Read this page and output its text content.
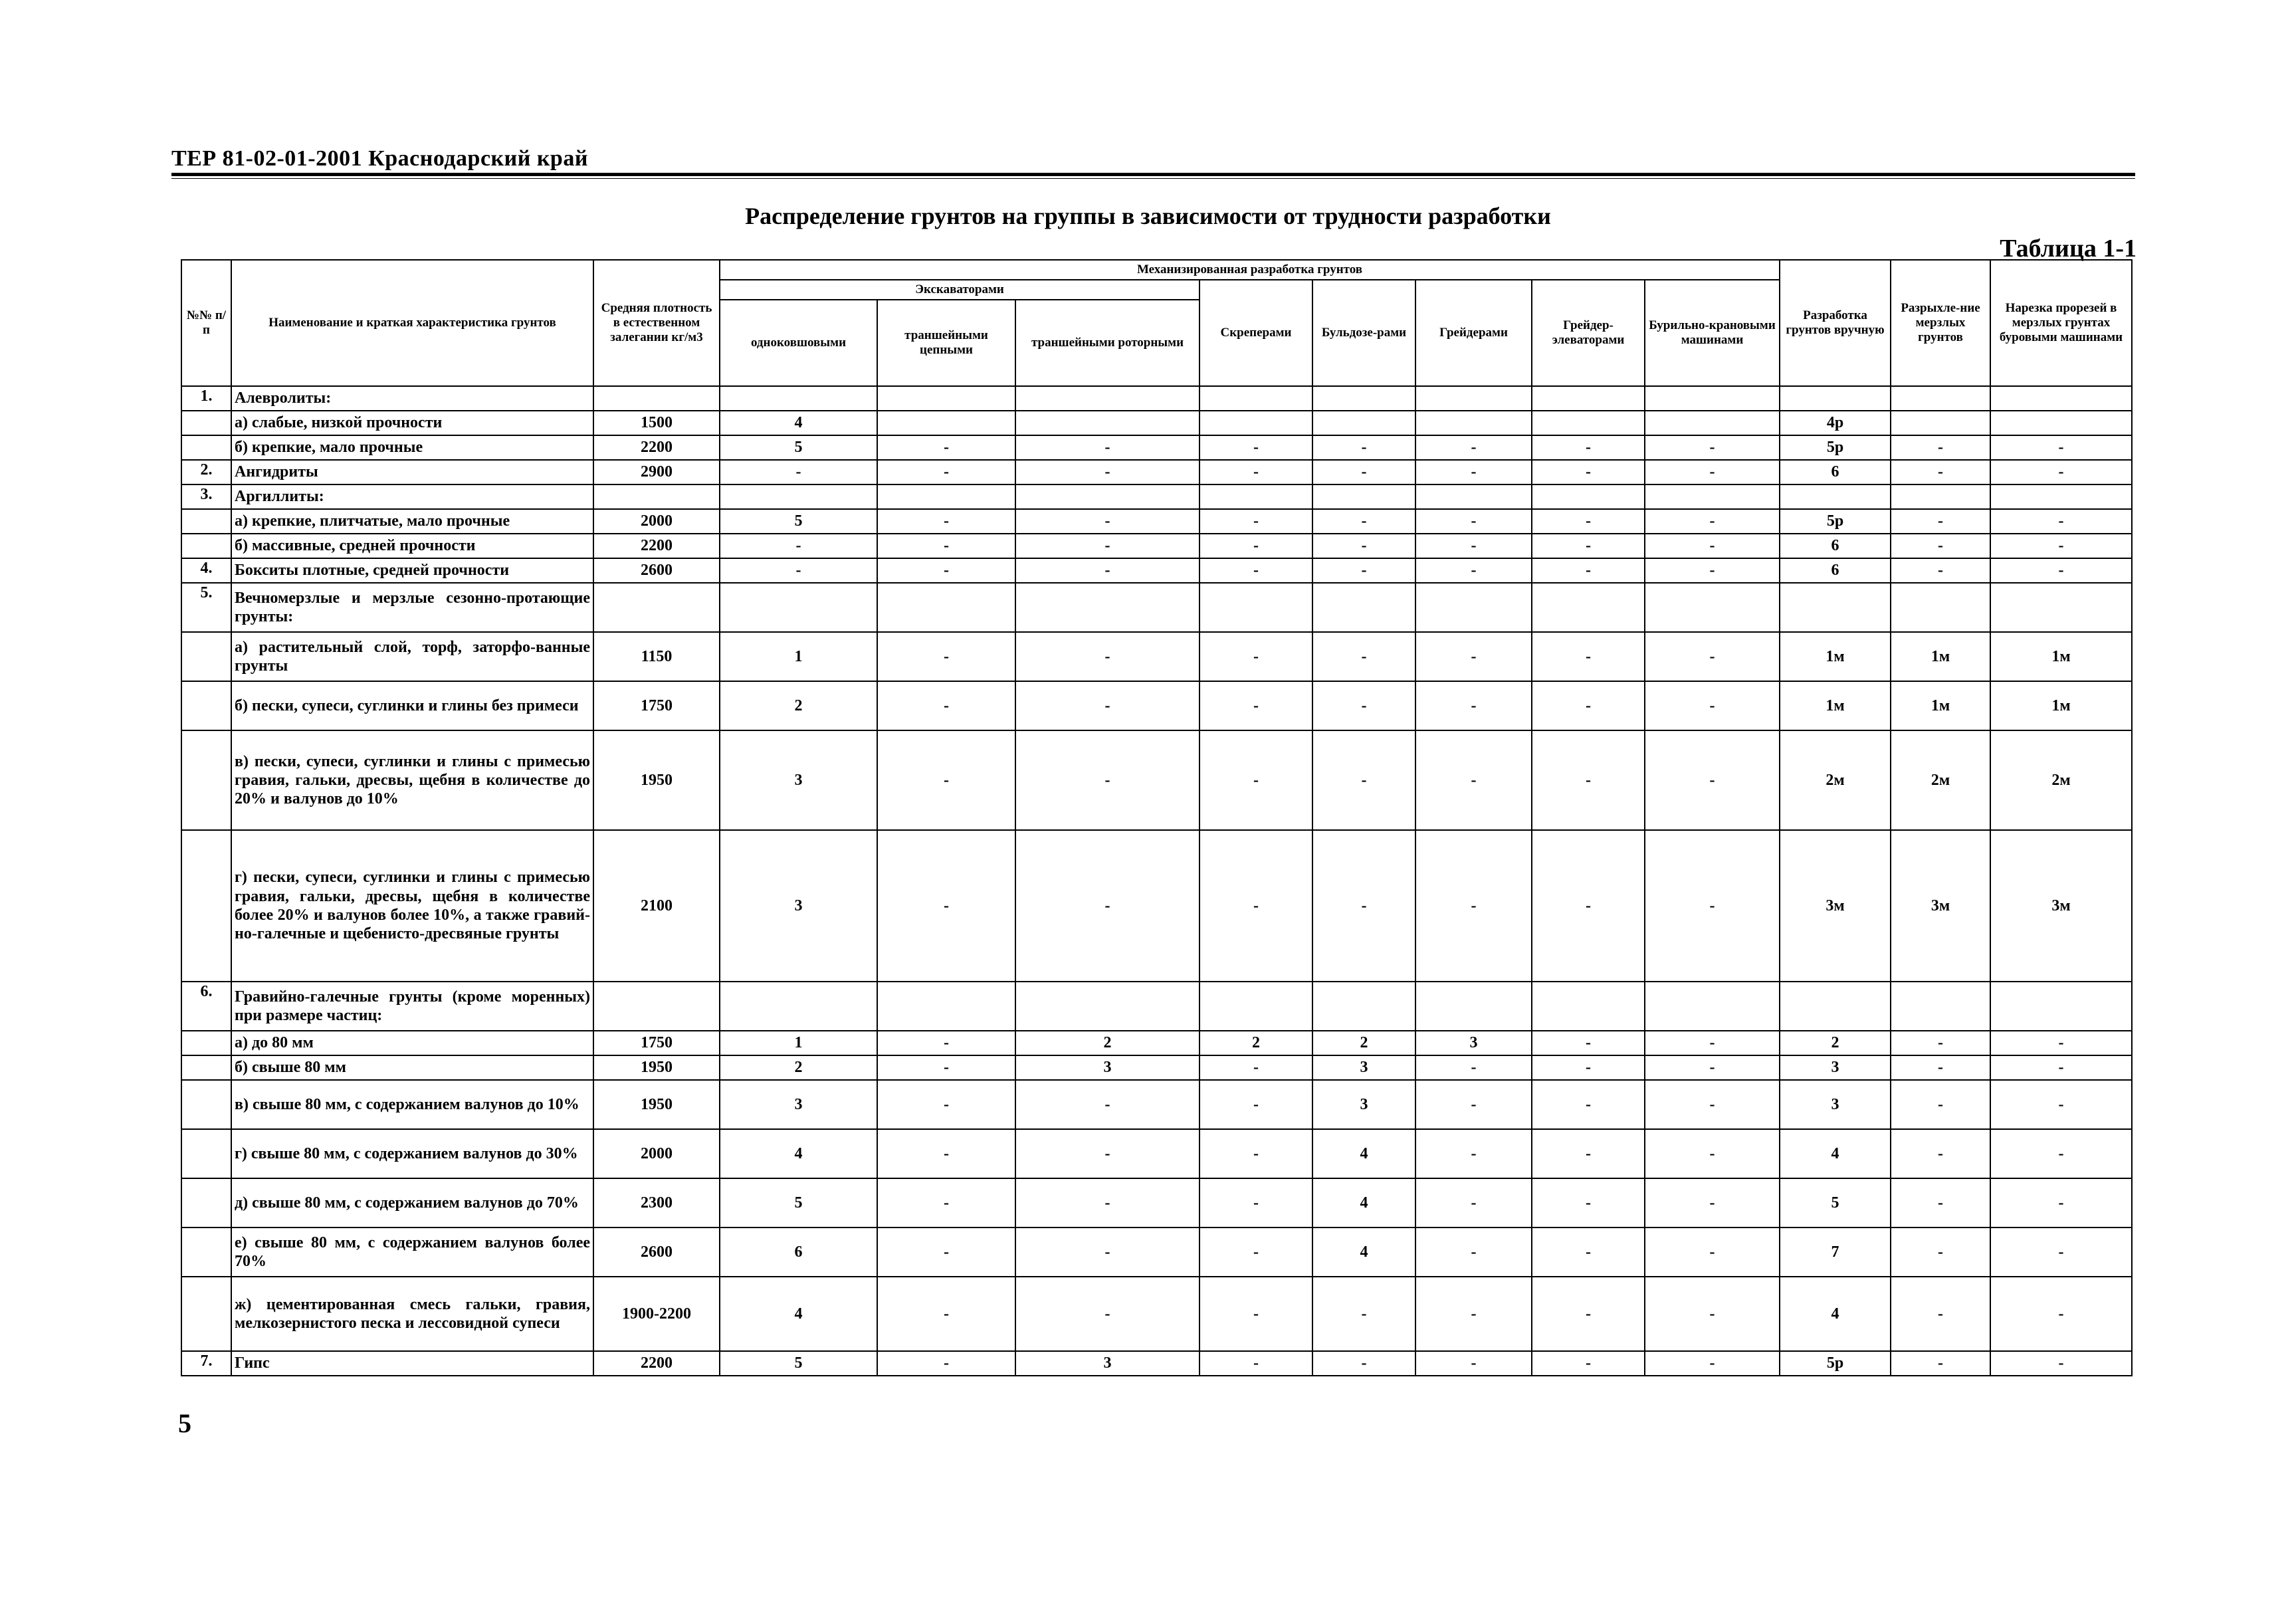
ТЕР 81-02-01-2001 Краснодарский край
Распределение грунтов на группы в зависимости от трудности разработки
Таблица 1-1
№№ п/п	Наименование и краткая характеристика грунтов	Средняя плотность в естественном залегании кг/м3	Механизированная разработка грунтов								Разработка грунтов вручную	Разрыхле-ние мерзлых грунтов	Нарезка прорезей в мерзлых грунтах буровыми машинами
			Экскаваторами			Скреперами	Бульдозе-рами	Грейдерами	Грейдер-элеваторами	Бурильно-крановыми машинами			
			одноковшовыми	траншейными цепными	траншейными роторными								
1.	Алевролиты:												
	а) слабые, низкой прочности	1500	4								4р		
	б) крепкие, мало прочные	2200	5	-	-	-	-	-	-	-	5р	-	-
2.	Ангидриты	2900	-	-	-	-	-	-	-	-	6	-	-
3.	Аргиллиты:												
	а) крепкие, плитчатые, мало прочные	2000	5	-	-	-	-	-	-	-	5р	-	-
	б) массивные, средней прочности	2200	-	-	-	-	-	-	-	-	6	-	-
4.	Бокситы плотные, средней прочности	2600	-	-	-	-	-	-	-	-	6	-	-
5.	Вечномерзлые и мерзлые сезонно-протающие грунты:												
	а) растительный слой, торф, заторфо-ванные грунты	1150	1	-	-	-	-	-	-	-	1м	1м	1м
	б) пески, супеси, суглинки и глины без примеси	1750	2	-	-	-	-	-	-	-	1м	1м	1м
	в) пески, супеси, суглинки и глины с примесью гравия, гальки, дресвы, щебня в количестве до 20% и валунов до 10%	1950	3	-	-	-	-	-	-	-	2м	2м	2м
	г) пески, супеси, суглинки и глины с примесью гравия, гальки, дресвы, щебня в количестве более 20% и валунов более 10%, а также гравий-но-галечные и щебенисто-дресвяные грунты	2100	3	-	-	-	-	-	-	-	3м	3м	3м
6.	Гравийно-галечные грунты (кроме моренных) при размере частиц:												
	а) до 80 мм	1750	1	-	2	2	2	3	-	-	2	-	-
	б) свыше 80 мм	1950	2	-	3	-	3	-	-	-	3	-	-
	в) свыше 80 мм, с содержанием валунов до 10%	1950	3	-	-	-	3	-	-	-	3	-	-
	г) свыше 80 мм, с содержанием валунов до 30%	2000	4	-	-	-	4	-	-	-	4	-	-
	д) свыше 80 мм, с содержанием валунов до 70%	2300	5	-	-	-	4	-	-	-	5	-	-
	е) свыше 80 мм, с содержанием валунов более 70%	2600	6	-	-	-	4	-	-	-	7	-	-
	ж) цементированная смесь гальки, гравия, мелкозернистого песка и лессовидной супеси	1900-2200	4	-	-	-	-	-	-	-	4	-	-
7.	Гипс	2200	5	-	3	-	-	-	-	-	5р	-	-
5
